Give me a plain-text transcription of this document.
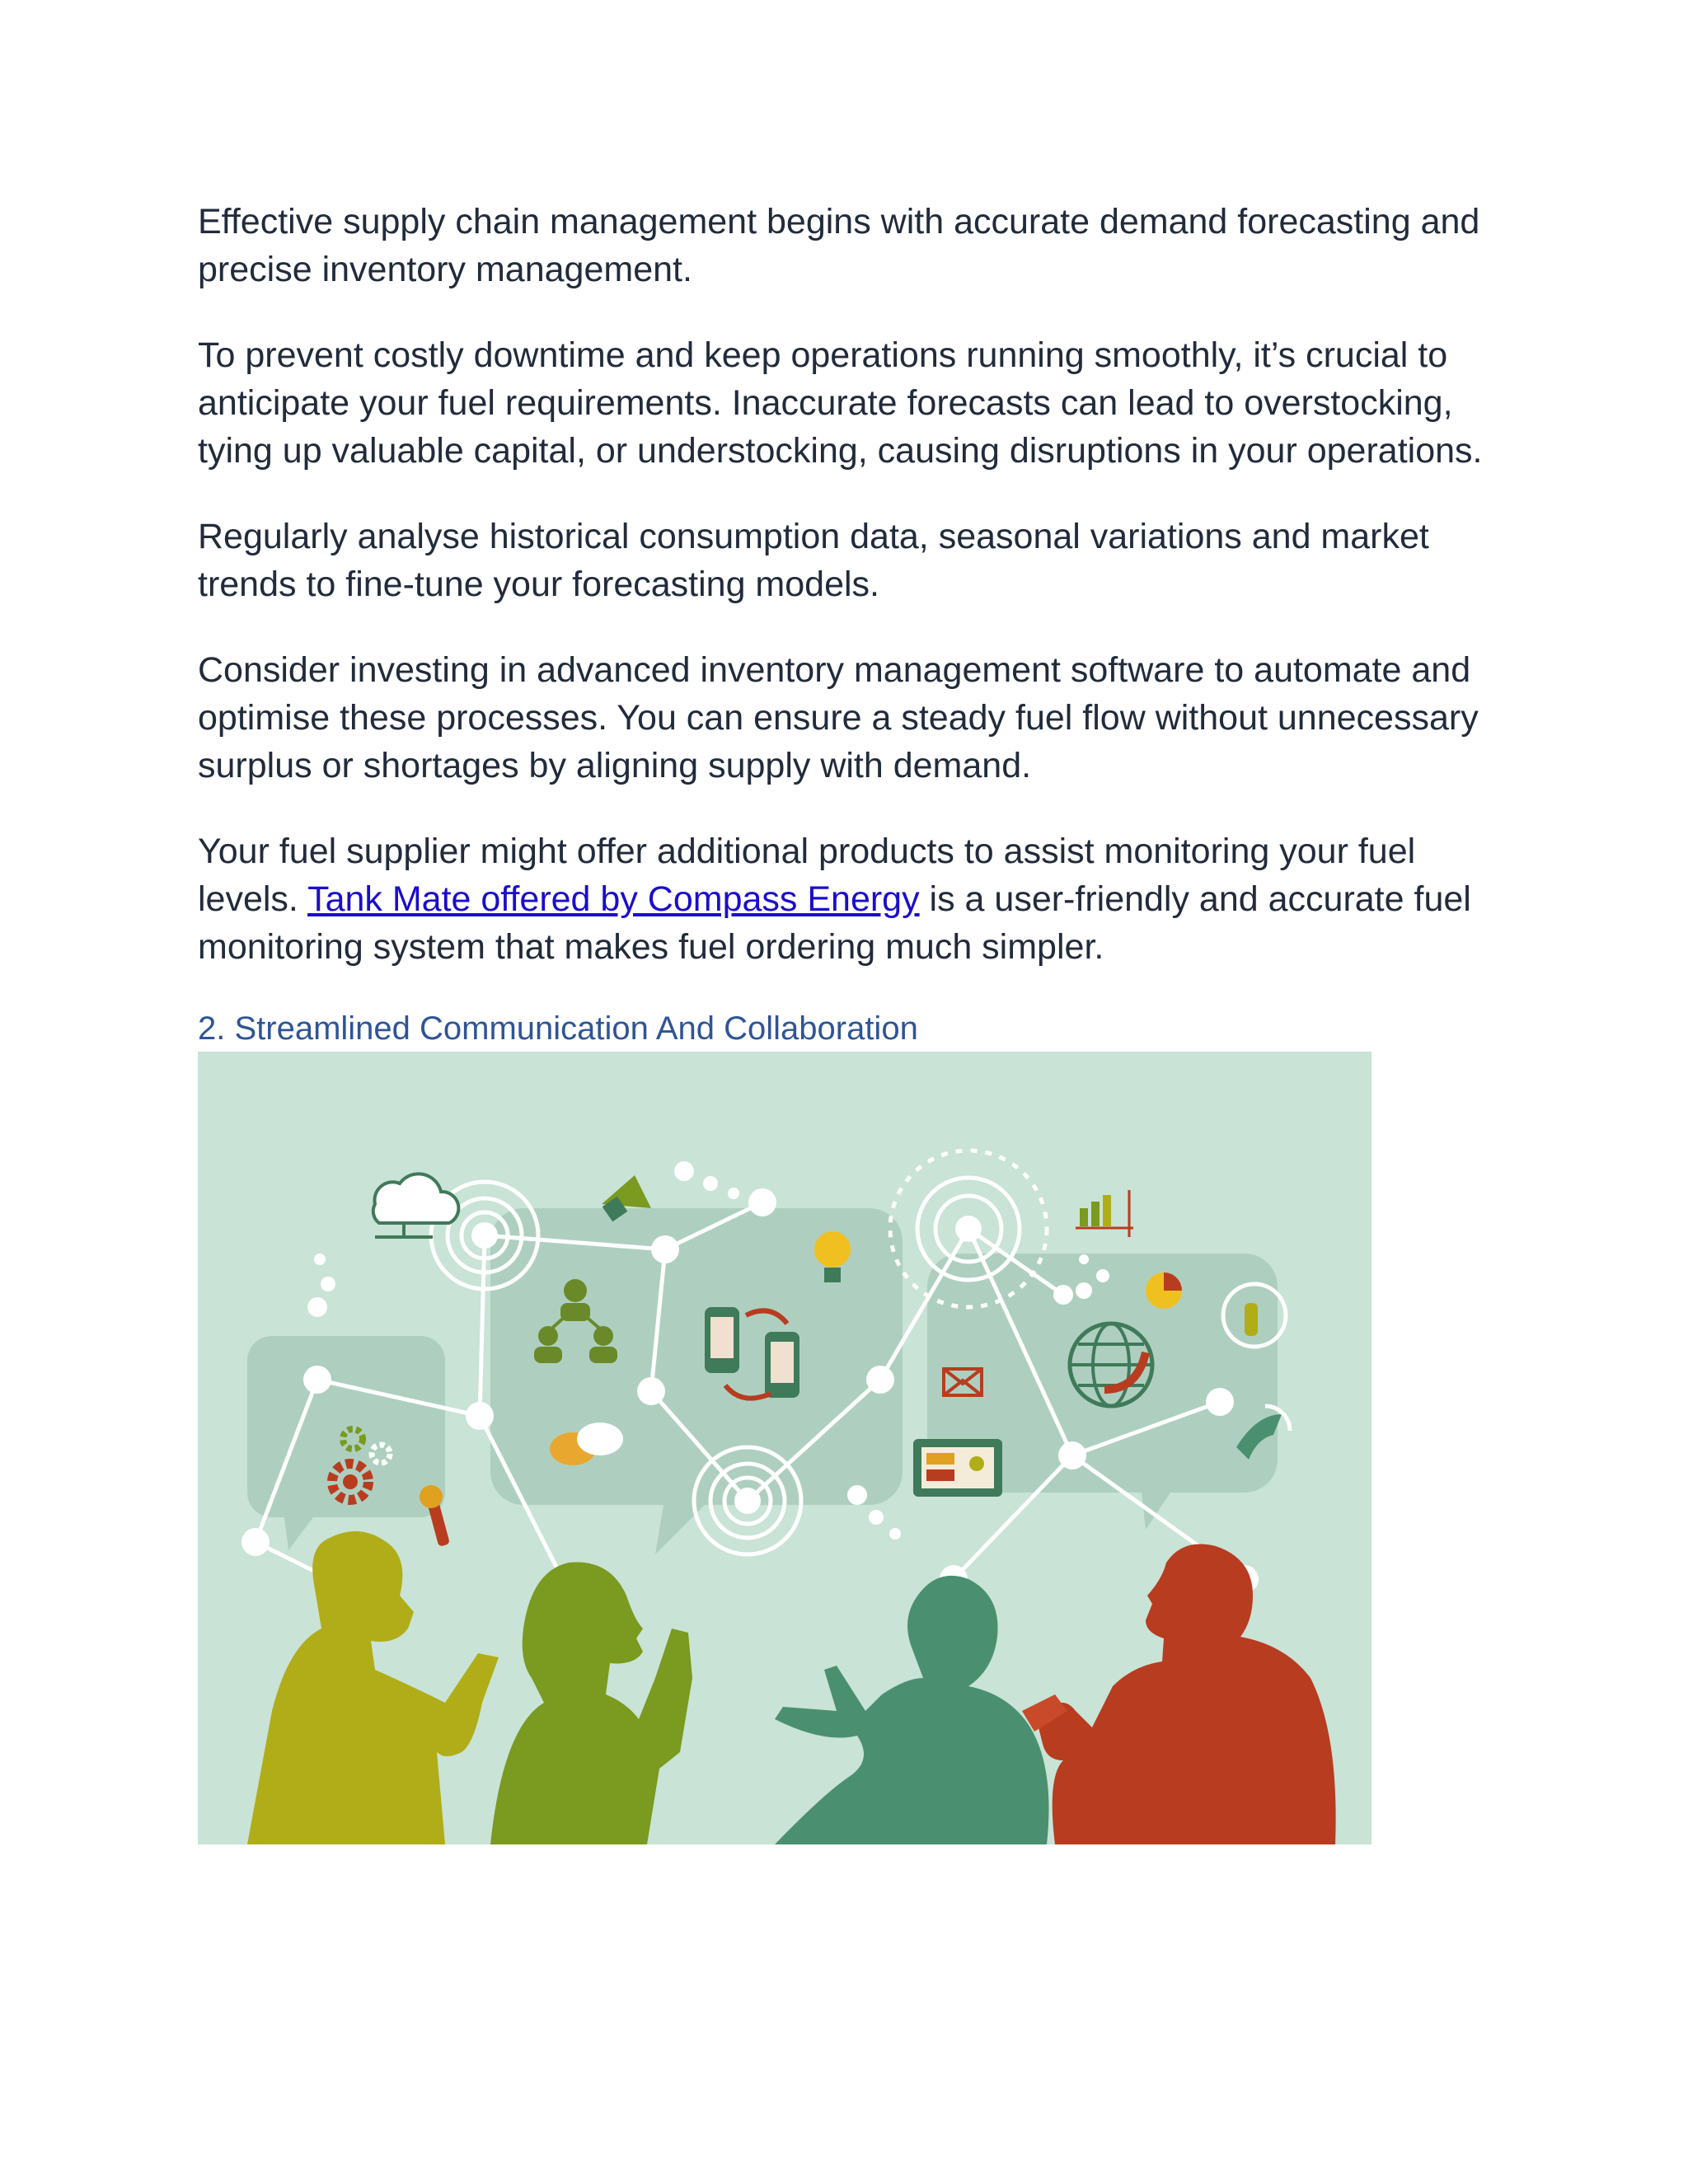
Effective supply chain management begins with accurate demand forecasting and precise inventory management.

To prevent costly downtime and keep operations running smoothly, it’s crucial to anticipate your fuel requirements. Inaccurate forecasts can lead to overstocking, tying up valuable capital, or understocking, causing disruptions in your operations.

Regularly analyse historical consumption data, seasonal variations and market trends to fine-tune your forecasting models.

Consider investing in advanced inventory management software to automate and optimise these processes. You can ensure a steady fuel flow without unnecessary surplus or shortages by aligning supply with demand.

Your fuel supplier might offer additional products to assist monitoring your fuel levels. Tank Mate offered by Compass Energy is a user-friendly and accurate fuel monitoring system that makes fuel ordering much simpler.

2. Streamlined Communication And Collaboration
